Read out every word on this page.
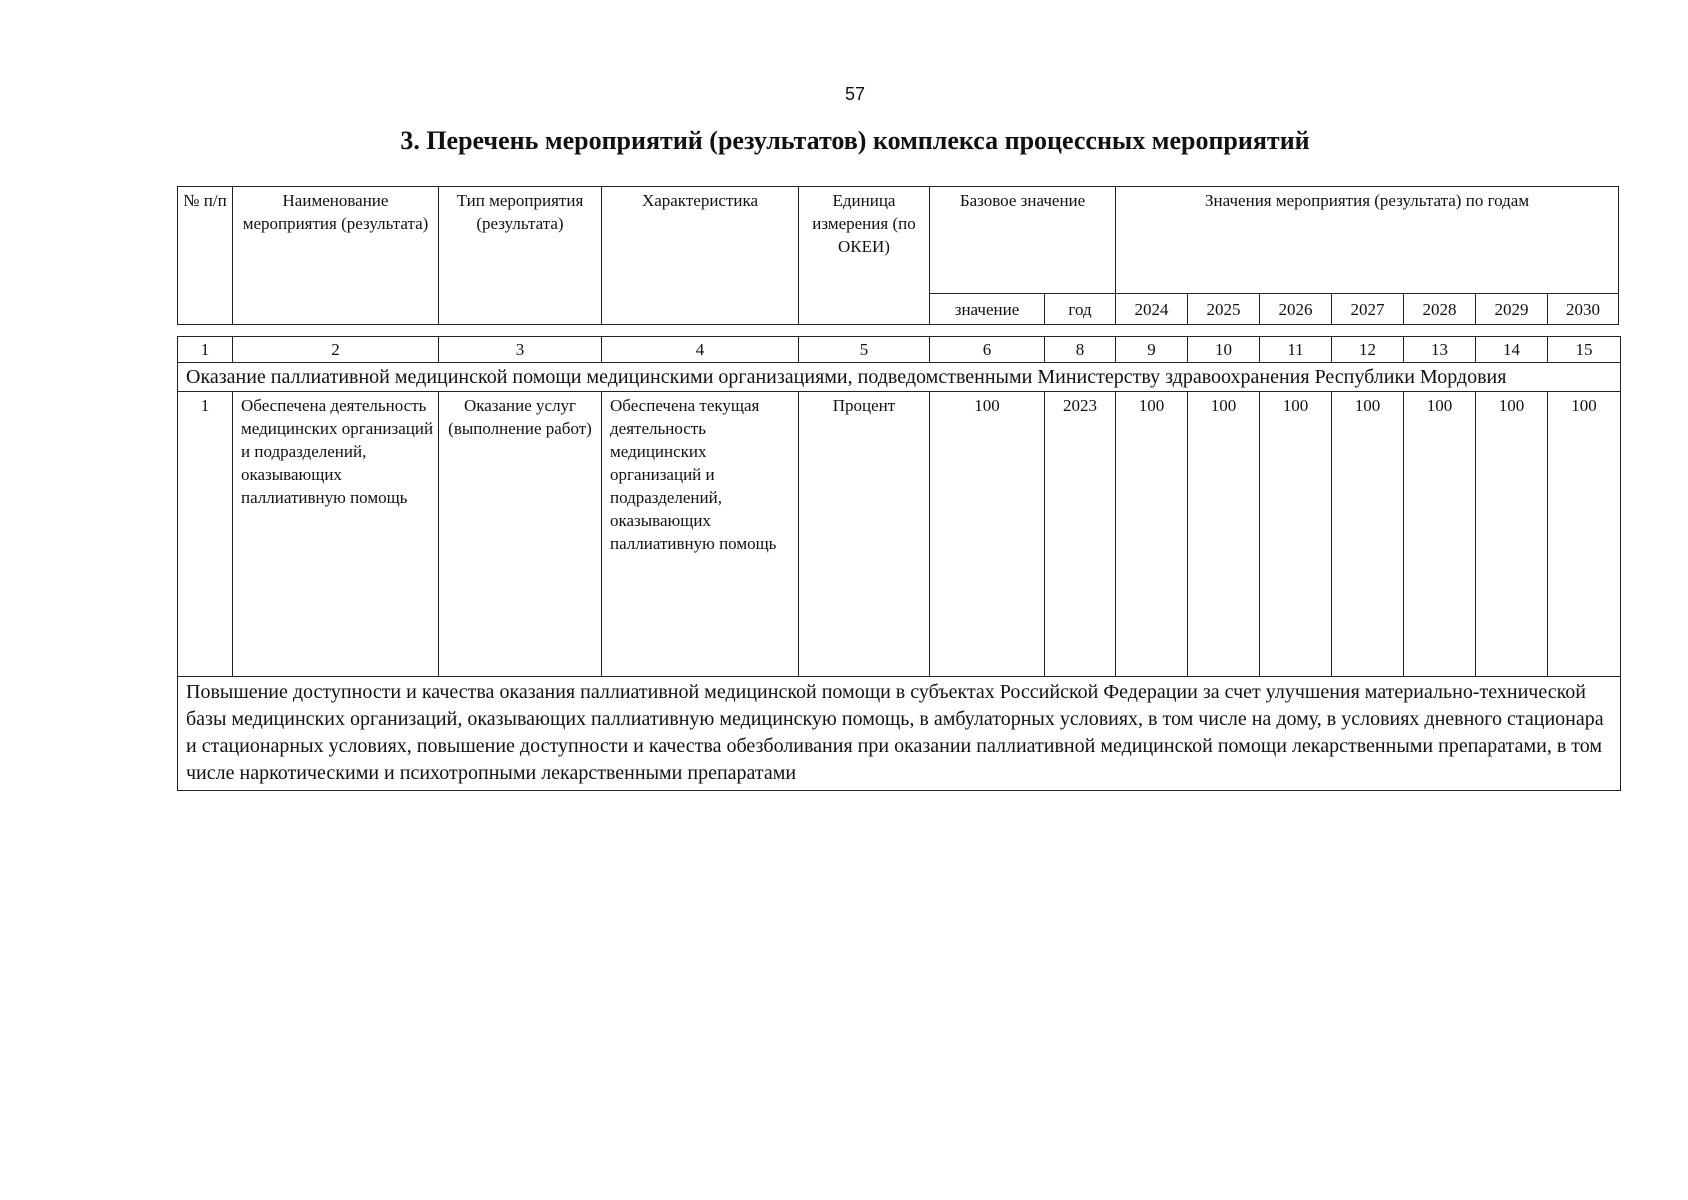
57
3. Перечень мероприятий (результатов) комплекса процессных мероприятий
№ п/п	Наименование мероприятия (результата)	Тип мероприятия (результата)	Характеристика	Единица измерения (по ОКЕИ)	Базовое значение		Значения мероприятия (результата) по годам						
					значение	год	2024	2025	2026	2027	2028	2029	2030
1	2	3	4	5	6	8	9	10	11	12	13	14	15
Оказание паллиативной медицинской помощи медицинскими организациями, подведомственными Министерству здравоохранения Республики Мордовия													
1	Обеспечена деятельность медицинских организаций и подразделений, оказывающих паллиативную помощь	Оказание услуг (выполнение работ)	Обеспечена текущая деятельность медицинских организаций и подразделений, оказывающих паллиативную помощь	Процент	100	2023	100	100	100	100	100	100	100
Повышение доступности и качества оказания паллиативной медицинской помощи в субъектах Российской Федерации за счет улучшения материально-технической базы медицинских организаций, оказывающих паллиативную медицинскую помощь, в амбулаторных условиях, в том числе на дому, в условиях дневного стационара и стационарных условиях, повышение доступности и качества обезболивания при оказании паллиативной медицинской помощи лекарственными препаратами, в том числе наркотическими и психотропными лекарственными препаратами													
